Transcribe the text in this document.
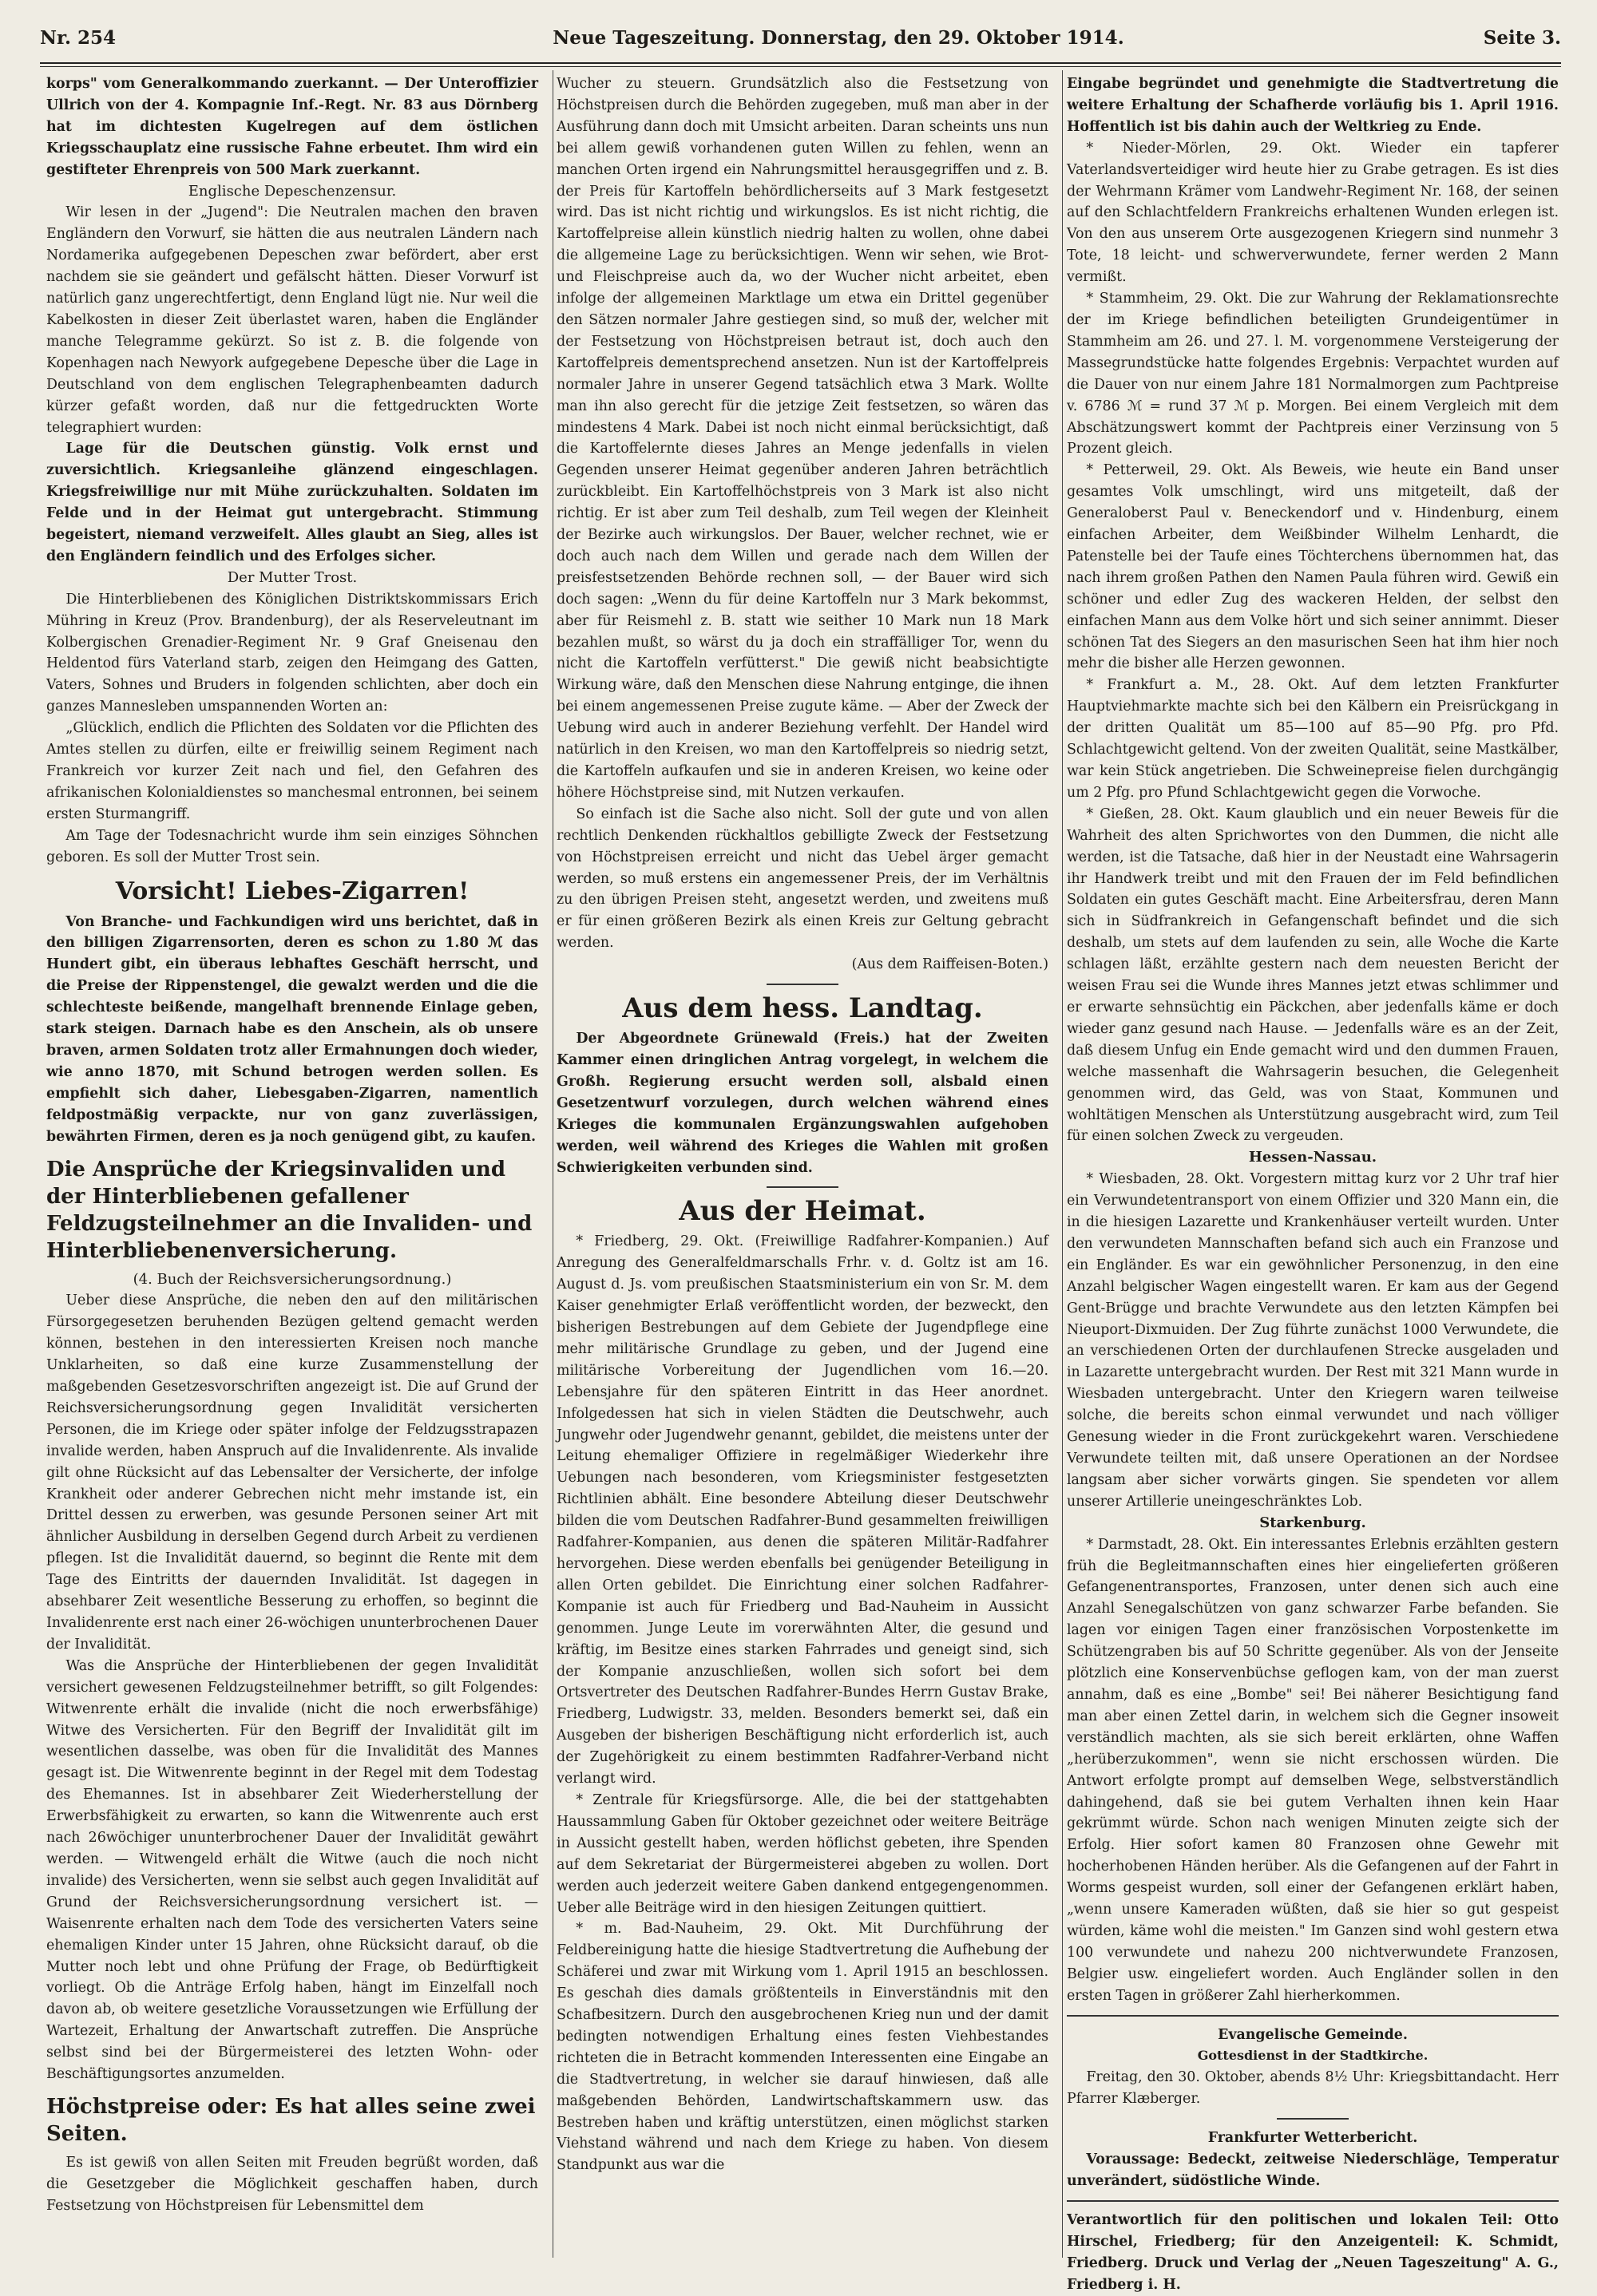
Nr. 254	Neue Tageszeitung. Donnerstag, den 29. Oktober 1914.	Seite 3.

korps" vom Generalkommando zuerkannt. — Der Unteroffizier Ullrich von der 4. Kompagnie Inf.-Regt. Nr. 83 aus Dörnberg hat im dichtesten Kugelregen auf dem östlichen Kriegsschauplatz eine russische Fahne erbeutet. Ihm wird ein gestifteter Ehrenpreis von 500 Mark zuerkannt.

Englische Depeschenzensur.

Wir lesen in der „Jugend": Die Neutralen machen den braven Engländern den Vorwurf, sie hätten die aus neutralen Ländern nach Nordamerika aufgegebenen Depeschen zwar befördert, aber erst nachdem sie sie geändert und gefälscht hätten. Dieser Vorwurf ist natürlich ganz ungerechtfertigt, denn England lügt nie. Nur weil die Kabelkosten in dieser Zeit überlastet waren, haben die Engländer manche Telegramme gekürzt. So ist z. B. die folgende von Kopenhagen nach Newyork aufgegebene Depesche über die Lage in Deutschland von dem englischen Telegraphenbeamten dadurch kürzer gefaßt worden, daß nur die fettgedruckten Worte telegraphiert wurden:

Lage für die Deutschen günstig. Volk ernst und zuversichtlich. Kriegsanleihe glänzend eingeschlagen. Kriegsfreiwillige nur mit Mühe zurückzuhalten. Soldaten im Felde und in der Heimat gut untergebracht. Stimmung begeistert, niemand verzweifelt. Alles glaubt an Sieg, alles ist den Engländern feindlich und des Erfolges sicher.

Der Mutter Trost.

Die Hinterbliebenen des Königlichen Distriktskommissars Erich Mühring in Kreuz (Prov. Brandenburg), der als Reserveleutnant im Kolbergischen Grenadier-Regiment Nr. 9 Graf Gneisenau den Heldentod fürs Vaterland starb, zeigen den Heimgang des Gatten, Vaters, Sohnes und Bruders in folgenden schlichten, aber doch ein ganzes Mannesleben umspannenden Worten an:

„Glücklich, endlich die Pflichten des Soldaten vor die Pflichten des Amtes stellen zu dürfen, eilte er freiwillig seinem Regiment nach Frankreich vor kurzer Zeit nach und fiel, den Gefahren des afrikanischen Kolonialdienstes so manchesmal entronnen, bei seinem ersten Sturmangriff.

Am Tage der Todesnachricht wurde ihm sein einziges Söhnchen geboren. Es soll der Mutter Trost sein.

Vorsicht! Liebes-Zigarren!

Von Branche- und Fachkundigen wird uns berichtet, daß in den billigen Zigarrensorten, deren es schon zu 1.80 ℳ das Hundert gibt, ein überaus lebhaftes Geschäft herrscht, und die Preise der Rippenstengel, die gewalzt werden und die die schlechteste beißende, mangelhaft brennende Einlage geben, stark steigen. Darnach habe es den Anschein, als ob unsere braven, armen Soldaten trotz aller Ermahnungen doch wieder, wie anno 1870, mit Schund betrogen werden sollen. Es empfiehlt sich daher, Liebesgaben-Zigarren, namentlich feldpostmäßig verpackte, nur von ganz zuverlässigen, bewährten Firmen, deren es ja noch genügend gibt, zu kaufen.

Die Ansprüche der Kriegsinvaliden und der Hinterbliebenen gefallener Feldzugsteilnehmer an die Invaliden- und Hinterbliebenenversicherung.

(4. Buch der Reichsversicherungsordnung.)

Ueber diese Ansprüche, die neben den auf den militärischen Fürsorgegesetzen beruhenden Bezügen geltend gemacht werden können, bestehen in den interessierten Kreisen noch manche Unklarheiten, so daß eine kurze Zusammenstellung der maßgebenden Gesetzesvorschriften angezeigt ist. Die auf Grund der Reichsversicherungsordnung gegen Invalidität versicherten Personen, die im Kriege oder später infolge der Feldzugsstrapazen invalide werden, haben Anspruch auf die Invalidenrente. Als invalide gilt ohne Rücksicht auf das Lebensalter der Versicherte, der infolge Krankheit oder anderer Gebrechen nicht mehr imstande ist, ein Drittel dessen zu erwerben, was gesunde Personen seiner Art mit ähnlicher Ausbildung in derselben Gegend durch Arbeit zu verdienen pflegen. Ist die Invalidität dauernd, so beginnt die Rente mit dem Tage des Eintritts der dauernden Invalidität. Ist dagegen in absehbarer Zeit wesentliche Besserung zu erhoffen, so beginnt die Invalidenrente erst nach einer 26-wöchigen ununterbrochenen Dauer der Invalidität.

Was die Ansprüche der Hinterbliebenen der gegen Invalidität versichert gewesenen Feldzugsteilnehmer betrifft, so gilt Folgendes: Witwenrente erhält die invalide (nicht die noch erwerbsfähige) Witwe des Versicherten. Für den Begriff der Invalidität gilt im wesentlichen dasselbe, was oben für die Invalidität des Mannes gesagt ist. Die Witwenrente beginnt in der Regel mit dem Todestag des Ehemannes. Ist in absehbarer Zeit Wiederherstellung der Erwerbsfähigkeit zu erwarten, so kann die Witwenrente auch erst nach 26wöchiger ununterbrochener Dauer der Invalidität gewährt werden. — Witwengeld erhält die Witwe (auch die noch nicht invalide) des Versicherten, wenn sie selbst auch gegen Invalidität auf Grund der Reichsversicherungsordnung versichert ist. — Waisenrente erhalten nach dem Tode des versicherten Vaters seine ehemaligen Kinder unter 15 Jahren, ohne Rücksicht darauf, ob die Mutter noch lebt und ohne Prüfung der Frage, ob Bedürftigkeit vorliegt. Ob die Anträge Erfolg haben, hängt im Einzelfall noch davon ab, ob weitere gesetzliche Voraussetzungen wie Erfüllung der Wartezeit, Erhaltung der Anwartschaft zutreffen. Die Ansprüche selbst sind bei der Bürgermeisterei des letzten Wohn- oder Beschäftigungsortes anzumelden.

Höchstpreise oder: Es hat alles seine zwei Seiten.

Es ist gewiß von allen Seiten mit Freuden begrüßt worden, daß die Gesetzgeber die Möglichkeit geschaffen haben, durch Festsetzung von Höchstpreisen für Lebensmittel dem

Wucher zu steuern. Grundsätzlich also die Festsetzung von Höchstpreisen durch die Behörden zugegeben, muß man aber in der Ausführung dann doch mit Umsicht arbeiten. Daran scheints uns nun bei allem gewiß vorhandenen guten Willen zu fehlen, wenn an manchen Orten irgend ein Nahrungsmittel herausgegriffen und z. B. der Preis für Kartoffeln behördlicherseits auf 3 Mark festgesetzt wird. Das ist nicht richtig und wirkungslos. Es ist nicht richtig, die Kartoffelpreise allein künstlich niedrig halten zu wollen, ohne dabei die allgemeine Lage zu berücksichtigen. Wenn wir sehen, wie Brot- und Fleischpreise auch da, wo der Wucher nicht arbeitet, eben infolge der allgemeinen Marktlage um etwa ein Drittel gegenüber den Sätzen normaler Jahre gestiegen sind, so muß der, welcher mit der Festsetzung von Höchstpreisen betraut ist, doch auch den Kartoffelpreis dementsprechend ansetzen. Nun ist der Kartoffelpreis normaler Jahre in unserer Gegend tatsächlich etwa 3 Mark. Wollte man ihn also gerecht für die jetzige Zeit festsetzen, so wären das mindestens 4 Mark. Dabei ist noch nicht einmal berücksichtigt, daß die Kartoffelernte dieses Jahres an Menge jedenfalls in vielen Gegenden unserer Heimat gegenüber anderen Jahren beträchtlich zurückbleibt. Ein Kartoffelhöchstpreis von 3 Mark ist also nicht richtig. Er ist aber zum Teil deshalb, zum Teil wegen der Kleinheit der Bezirke auch wirkungslos. Der Bauer, welcher rechnet, wie er doch auch nach dem Willen und gerade nach dem Willen der preisfestsetzenden Behörde rechnen soll, — der Bauer wird sich doch sagen: „Wenn du für deine Kartoffeln nur 3 Mark bekommst, aber für Reismehl z. B. statt wie seither 10 Mark nun 18 Mark bezahlen mußt, so wärst du ja doch ein straffälliger Tor, wenn du nicht die Kartoffeln verfütterst." Die gewiß nicht beabsichtigte Wirkung wäre, daß den Menschen diese Nahrung entginge, die ihnen bei einem angemessenen Preise zugute käme. — Aber der Zweck der Uebung wird auch in anderer Beziehung verfehlt. Der Handel wird natürlich in den Kreisen, wo man den Kartoffelpreis so niedrig setzt, die Kartoffeln aufkaufen und sie in anderen Kreisen, wo keine oder höhere Höchstpreise sind, mit Nutzen verkaufen.

So einfach ist die Sache also nicht. Soll der gute und von allen rechtlich Denkenden rückhaltlos gebilligte Zweck der Festsetzung von Höchstpreisen erreicht und nicht das Uebel ärger gemacht werden, so muß erstens ein angemessener Preis, der im Verhältnis zu den übrigen Preisen steht, angesetzt werden, und zweitens muß er für einen größeren Bezirk als einen Kreis zur Geltung gebracht werden.

(Aus dem Raiffeisen-Boten.)

Aus dem hess. Landtag.

Der Abgeordnete Grünewald (Freis.) hat der Zweiten Kammer einen dringlichen Antrag vorgelegt, in welchem die Großh. Regierung ersucht werden soll, alsbald einen Gesetzentwurf vorzulegen, durch welchen während eines Krieges die kommunalen Ergänzungswahlen aufgehoben werden, weil während des Krieges die Wahlen mit großen Schwierigkeiten verbunden sind.

Aus der Heimat.

* Friedberg, 29. Okt. (Freiwillige Radfahrer-Kompanien.) Auf Anregung des Generalfeldmarschalls Frhr. v. d. Goltz ist am 16. August d. Js. vom preußischen Staatsministerium ein von Sr. M. dem Kaiser genehmigter Erlaß veröffentlicht worden, der bezweckt, den bisherigen Bestrebungen auf dem Gebiete der Jugendpflege eine mehr militärische Grundlage zu geben, und der Jugend eine militärische Vorbereitung der Jugendlichen vom 16.—20. Lebensjahre für den späteren Eintritt in das Heer anordnet. Infolgedessen hat sich in vielen Städten die Deutschwehr, auch Jungwehr oder Jugendwehr genannt, gebildet, die meistens unter der Leitung ehemaliger Offiziere in regelmäßiger Wiederkehr ihre Uebungen nach besonderen, vom Kriegsminister festgesetzten Richtlinien abhält. Eine besondere Abteilung dieser Deutschwehr bilden die vom Deutschen Radfahrer-Bund gesammelten freiwilligen Radfahrer-Kompanien, aus denen die späteren Militär-Radfahrer hervorgehen. Diese werden ebenfalls bei genügender Beteiligung in allen Orten gebildet. Die Einrichtung einer solchen Radfahrer-Kompanie ist auch für Friedberg und Bad-Nauheim in Aussicht genommen. Junge Leute im vorerwähnten Alter, die gesund und kräftig, im Besitze eines starken Fahrrades und geneigt sind, sich der Kompanie anzuschließen, wollen sich sofort bei dem Ortsvertreter des Deutschen Radfahrer-Bundes Herrn Gustav Brake, Friedberg, Ludwigstr. 33, melden. Besonders bemerkt sei, daß ein Ausgeben der bisherigen Beschäftigung nicht erforderlich ist, auch der Zugehörigkeit zu einem bestimmten Radfahrer-Verband nicht verlangt wird.

* Zentrale für Kriegsfürsorge. Alle, die bei der stattgehabten Haussammlung Gaben für Oktober gezeichnet oder weitere Beiträge in Aussicht gestellt haben, werden höflichst gebeten, ihre Spenden auf dem Sekretariat der Bürgermeisterei abgeben zu wollen. Dort werden auch jederzeit weitere Gaben dankend entgegengenommen. Ueber alle Beiträge wird in den hiesigen Zeitungen quittiert.

* m. Bad-Nauheim, 29. Okt. Mit Durchführung der Feldbereinigung hatte die hiesige Stadtvertretung die Aufhebung der Schäferei und zwar mit Wirkung vom 1. April 1915 an beschlossen. Es geschah dies damals größtenteils in Einverständnis mit den Schafbesitzern. Durch den ausgebrochenen Krieg nun und der damit bedingten notwendigen Erhaltung eines festen Viehbestandes richteten die in Betracht kommenden Interessenten eine Eingabe an die Stadtvertretung, in welcher sie darauf hinwiesen, daß alle maßgebenden Behörden, Landwirtschaftskammern usw. das Bestreben haben und kräftig unterstützen, einen möglichst starken Viehstand während und nach dem Kriege zu haben. Von diesem Standpunkt aus war die

Eingabe begründet und genehmigte die Stadtvertretung die weitere Erhaltung der Schafherde vorläufig bis 1. April 1916. Hoffentlich ist bis dahin auch der Weltkrieg zu Ende.

* Nieder-Mörlen, 29. Okt. Wieder ein tapferer Vaterlandsverteidiger wird heute hier zu Grabe getragen. Es ist dies der Wehrmann Krämer vom Landwehr-Regiment Nr. 168, der seinen auf den Schlachtfeldern Frankreichs erhaltenen Wunden erlegen ist. Von den aus unserem Orte ausgezogenen Kriegern sind nunmehr 3 Tote, 18 leicht- und schwerverwundete, ferner werden 2 Mann vermißt.

* Stammheim, 29. Okt. Die zur Wahrung der Reklamationsrechte der im Kriege befindlichen beteiligten Grundeigentümer in Stammheim am 26. und 27. l. M. vorgenommene Versteigerung der Massegrundstücke hatte folgendes Ergebnis: Verpachtet wurden auf die Dauer von nur einem Jahre 181 Normalmorgen zum Pachtpreise v. 6786 ℳ = rund 37 ℳ p. Morgen. Bei einem Vergleich mit dem Abschätzungswert kommt der Pachtpreis einer Verzinsung von 5 Prozent gleich.

* Petterweil, 29. Okt. Als Beweis, wie heute ein Band unser gesamtes Volk umschlingt, wird uns mitgeteilt, daß der Generaloberst Paul v. Beneckendorf und v. Hindenburg, einem einfachen Arbeiter, dem Weißbinder Wilhelm Lenhardt, die Patenstelle bei der Taufe eines Töchterchens übernommen hat, das nach ihrem großen Pathen den Namen Paula führen wird. Gewiß ein schöner und edler Zug des wackeren Helden, der selbst den einfachen Mann aus dem Volke hört und sich seiner annimmt. Dieser schönen Tat des Siegers an den masurischen Seen hat ihm hier noch mehr die bisher alle Herzen gewonnen.

* Frankfurt a. M., 28. Okt. Auf dem letzten Frankfurter Hauptviehmarkte machte sich bei den Kälbern ein Preisrückgang in der dritten Qualität um 85—100 auf 85—90 Pfg. pro Pfd. Schlachtgewicht geltend. Von der zweiten Qualität, seine Mastkälber, war kein Stück angetrieben. Die Schweinepreise fielen durchgängig um 2 Pfg. pro Pfund Schlachtgewicht gegen die Vorwoche.

* Gießen, 28. Okt. Kaum glaublich und ein neuer Beweis für die Wahrheit des alten Sprichwortes von den Dummen, die nicht alle werden, ist die Tatsache, daß hier in der Neustadt eine Wahrsagerin ihr Handwerk treibt und mit den Frauen der im Feld befindlichen Soldaten ein gutes Geschäft macht. Eine Arbeitersfrau, deren Mann sich in Südfrankreich in Gefangenschaft befindet und die sich deshalb, um stets auf dem laufenden zu sein, alle Woche die Karte schlagen läßt, erzählte gestern nach dem neuesten Bericht der weisen Frau sei die Wunde ihres Mannes jetzt etwas schlimmer und er erwarte sehnsüchtig ein Päckchen, aber jedenfalls käme er doch wieder ganz gesund nach Hause. — Jedenfalls wäre es an der Zeit, daß diesem Unfug ein Ende gemacht wird und den dummen Frauen, welche massenhaft die Wahrsagerin besuchen, die Gelegenheit genommen wird, das Geld, was von Staat, Kommunen und wohltätigen Menschen als Unterstützung ausgebracht wird, zum Teil für einen solchen Zweck zu vergeuden.

Hessen-Nassau.

* Wiesbaden, 28. Okt. Vorgestern mittag kurz vor 2 Uhr traf hier ein Verwundetentransport von einem Offizier und 320 Mann ein, die in die hiesigen Lazarette und Krankenhäuser verteilt wurden. Unter den verwundeten Mannschaften befand sich auch ein Franzose und ein Engländer. Es war ein gewöhnlicher Personenzug, in den eine Anzahl belgischer Wagen eingestellt waren. Er kam aus der Gegend Gent-Brügge und brachte Verwundete aus den letzten Kämpfen bei Nieuport-Dixmuiden. Der Zug führte zunächst 1000 Verwundete, die an verschiedenen Orten der durchlaufenen Strecke ausgeladen und in Lazarette untergebracht wurden. Der Rest mit 321 Mann wurde in Wiesbaden untergebracht. Unter den Kriegern waren teilweise solche, die bereits schon einmal verwundet und nach völliger Genesung wieder in die Front zurückgekehrt waren. Verschiedene Verwundete teilten mit, daß unsere Operationen an der Nordsee langsam aber sicher vorwärts gingen. Sie spendeten vor allem unserer Artillerie uneingeschränktes Lob.

Starkenburg.

* Darmstadt, 28. Okt. Ein interessantes Erlebnis erzählten gestern früh die Begleitmannschaften eines hier eingelieferten größeren Gefangenentransportes, Franzosen, unter denen sich auch eine Anzahl Senegalschützen von ganz schwarzer Farbe befanden. Sie lagen vor einigen Tagen einer französischen Vorpostenkette im Schützengraben bis auf 50 Schritte gegenüber. Als von der Jenseite plötzlich eine Konservenbüchse geflogen kam, von der man zuerst annahm, daß es eine „Bombe" sei! Bei näherer Besichtigung fand man aber einen Zettel darin, in welchem sich die Gegner insoweit verständlich machten, als sie sich bereit erklärten, ohne Waffen „herüberzukommen", wenn sie nicht erschossen würden. Die Antwort erfolgte prompt auf demselben Wege, selbstverständlich dahingehend, daß sie bei gutem Verhalten ihnen kein Haar gekrümmt würde. Schon nach wenigen Minuten zeigte sich der Erfolg. Hier sofort kamen 80 Franzosen ohne Gewehr mit hocherhobenen Händen herüber. Als die Gefangenen auf der Fahrt in Worms gespeist wurden, soll einer der Gefangenen erklärt haben, „wenn unsere Kameraden wüßten, daß sie hier so gut gespeist würden, käme wohl die meisten." Im Ganzen sind wohl gestern etwa 100 verwundete und nahezu 200 nichtverwundete Franzosen, Belgier usw. eingeliefert worden. Auch Engländer sollen in den ersten Tagen in größerer Zahl hierherkommen.

Evangelische Gemeinde.

Gottesdienst in der Stadtkirche.

Freitag, den 30. Oktober, abends 8½ Uhr: Kriegsbittandacht. Herr Pfarrer Klæberger.

Frankfurter Wetterbericht.

Voraussage: Bedeckt, zeitweise Niederschläge, Temperatur unverändert, südöstliche Winde.

Verantwortlich für den politischen und lokalen Teil: Otto Hirschel, Friedberg; für den Anzeigenteil: K. Schmidt, Friedberg. Druck und Verlag der „Neuen Tageszeitung" A. G., Friedberg i. H.
